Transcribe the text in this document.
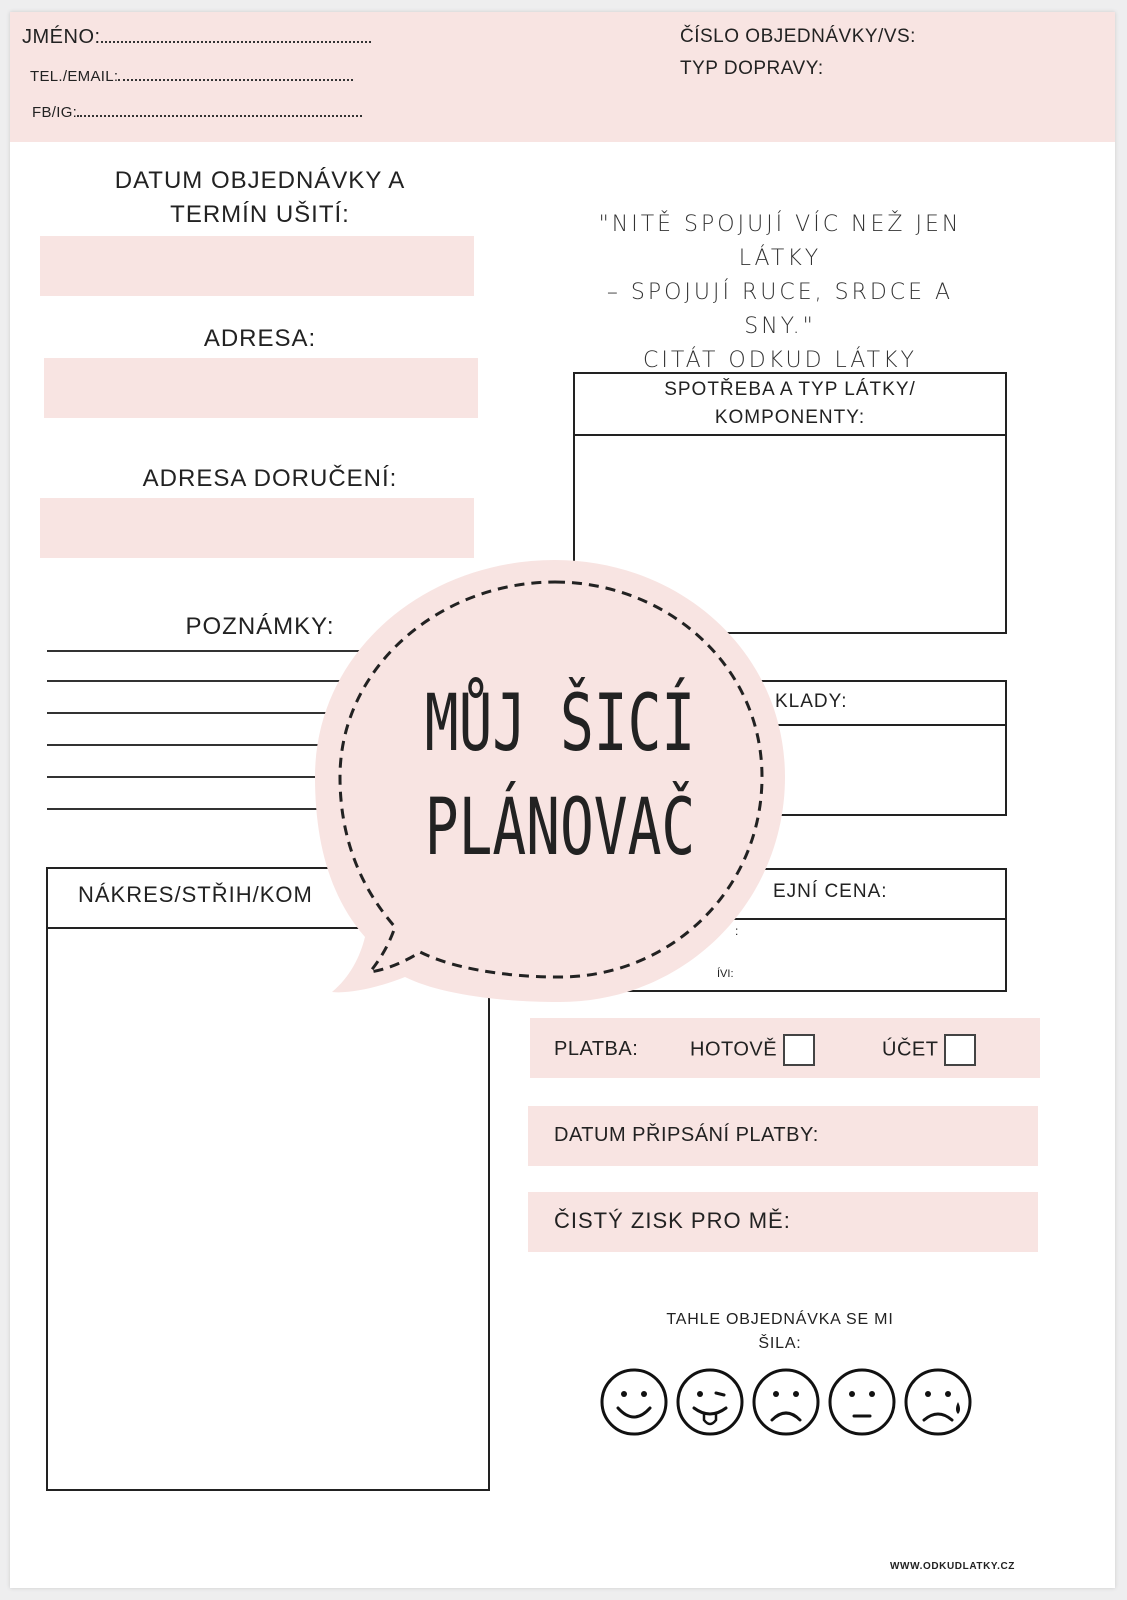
JMÉNO:
TEL./EMAIL:
FB/IG:
ČÍSLO OBJEDNÁVKY/VS:
TYP DOPRAVY:
DATUM OBJEDNÁVKY A TERMÍN UŠITÍ:
ADRESA:
ADRESA DORUČENÍ:
POZNÁMKY:
NÁKRES/STŘIH/KOM
"NITĚ SPOJUJÍ VÍC NEŽ JEN LÁTKY
– SPOJUJÍ RUCE, SRDCE A SNY."
CITÁT ODKUD LÁTKY
SPOTŘEBA A TYP LÁTKY/ KOMPONENTY:
KLADY:
EJNÍ CENA:
:
ÍVI:
PLATBA:	HOTOVĚ	ÚČET
DATUM PŘIPSÁNÍ PLATBY:
ČISTÝ ZISK PRO MĚ:
TAHLE OBJEDNÁVKA SE MI ŠILA:
WWW.ODKUDLATKY.CZ
MŮJ ŠICÍ
PLÁNOVAČ
